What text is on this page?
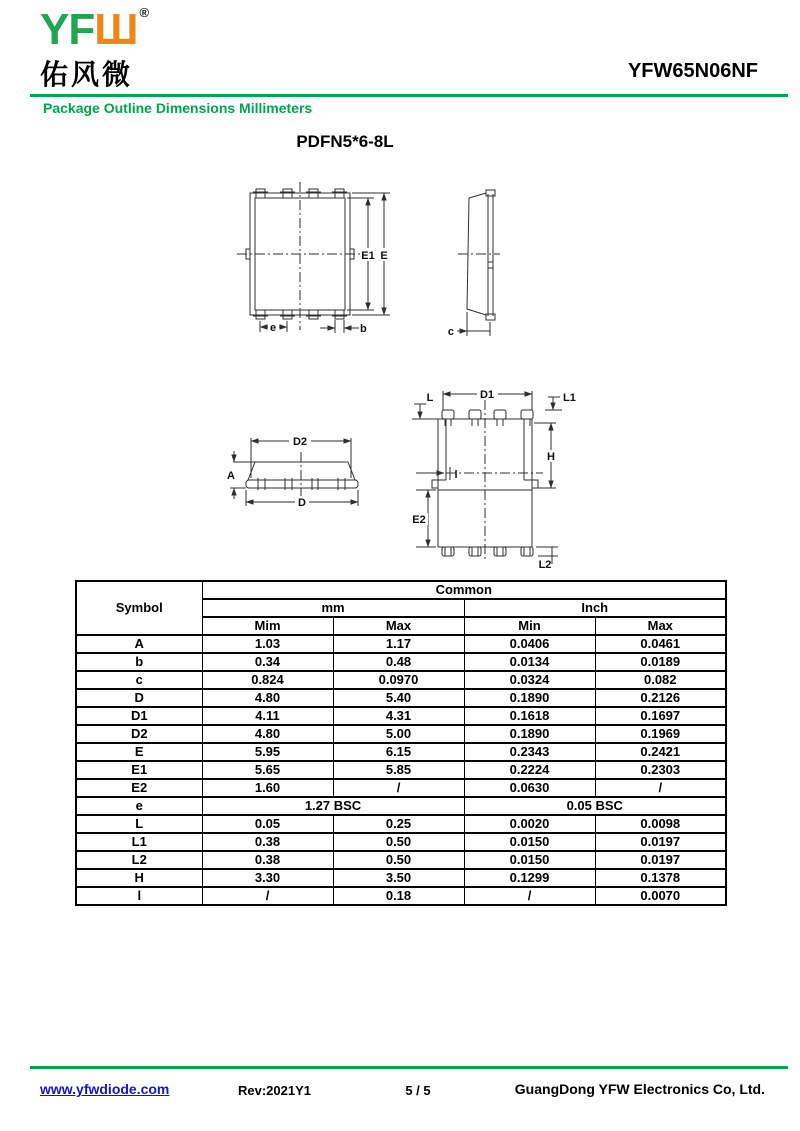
YFШ ®
佑风微	YFW65N06NF
Package Outline Dimensions Millimeters
PDFN5*6-8L
E1 E
e	b	c
D2
A
D
D1
L	L1
H
l
E2
L2
Symbol	Common			
	mm		Inch	
	Mim	Max	Min	Max
A	1.03	1.17	0.0406	0.0461
b	0.34	0.48	0.0134	0.0189
c	0.824	0.0970	0.0324	0.082
D	4.80	5.40	0.1890	0.2126
D1	4.11	4.31	0.1618	0.1697
D2	4.80	5.00	0.1890	0.1969
E	5.95	6.15	0.2343	0.2421
E1	5.65	5.85	0.2224	0.2303
E2	1.60	/	0.0630	/
e	1.27 BSC		0.05 BSC	
L	0.05	0.25	0.0020	0.0098
L1	0.38	0.50	0.0150	0.0197
L2	0.38	0.50	0.0150	0.0197
H	3.30	3.50	0.1299	0.1378
l	/	0.18	/	0.0070
www.yfwdiode.com	Rev:2021Y1	5 / 5	GuangDong YFW Electronics Co, Ltd.
